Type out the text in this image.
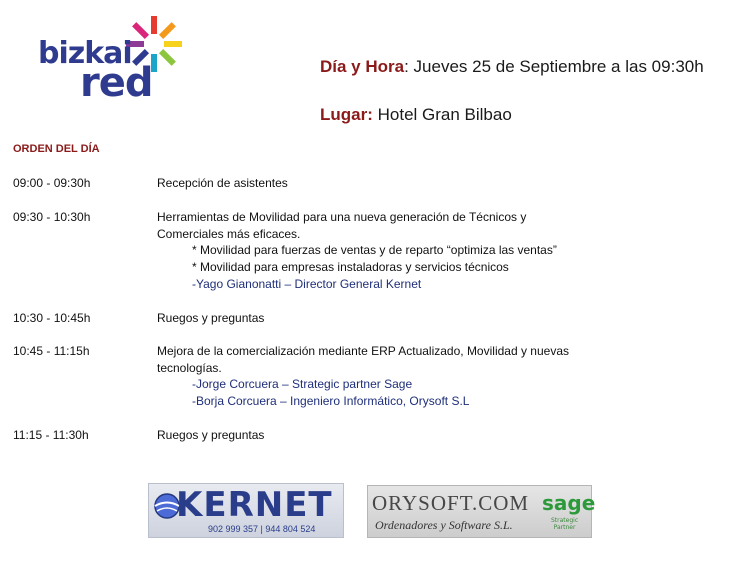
bizkai
red	Día y Hora: Jueves 25 de Septiembre a las 09:30h
Lugar: Hotel Gran Bilbao
ORDEN DEL DÍA
09:00 - 09:30h	Recepción de asistentes
09:30 - 10:30h	Herramientas de Movilidad para una nueva generación de Técnicos y Comerciales más eficaces.
* Movilidad para fuerzas de ventas y de reparto “optimiza las ventas”
* Movilidad para empresas instaladoras y servicios técnicos
-Yago Gianonatti – Director General Kernet
10:30 - 10:45h	Ruegos y preguntas
10:45 - 11:15h	Mejora de la comercialización mediante ERP Actualizado, Movilidad y nuevas tecnologías.
-Jorge Corcuera – Strategic partner Sage
-Borja Corcuera – Ingeniero Informático, Orysoft S.L
11:15 - 11:30h	Ruegos y preguntas
KERNET
902 999 357 | 944 804 524
ORYSOFT.COM
Ordenadores y Software S.L.
sage
Strategic
Partner
